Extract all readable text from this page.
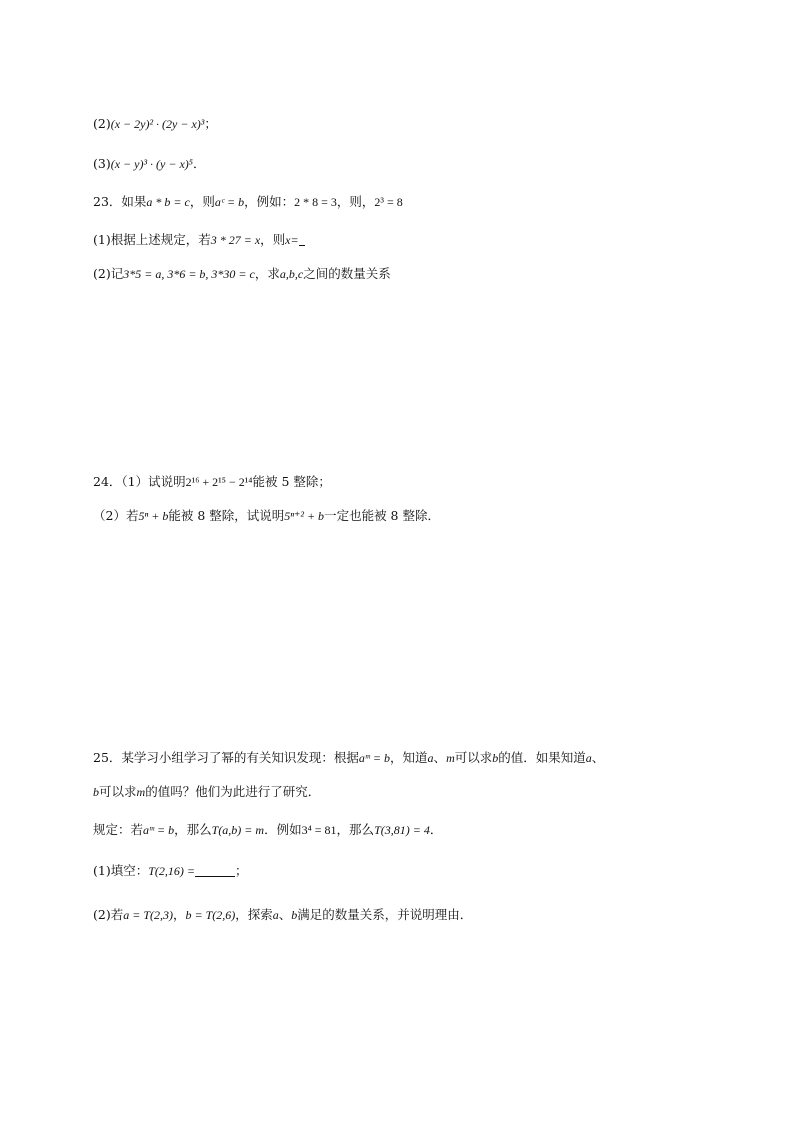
(2)(x − 2y)² · (2y − x)³；
(3)(x − y)³ · (y − x)⁵．
23．如果a * b = c，则aᶜ = b，例如：2 * 8 = 3，则，2³ = 8
(1)根据上述规定，若3 * 27 = x，则x=
(2)记3*5 = a, 3*6 = b, 3*30 = c，求a,b,c之间的数量关系
24．（1）试说明2¹⁶ + 2¹⁵ − 2¹⁴能被 5 整除；
（2）若5ⁿ + b能被 8 整除，试说明5ⁿ⁺² + b一定也能被 8 整除．
25．某学习小组学习了幂的有关知识发现：根据aᵐ = b，知道a、m可以求b的值．如果知道a、
b可以求m的值吗？他们为此进行了研究．
规定：若aᵐ = b，那么T(a,b) = m．例如3⁴ = 81，那么T(3,81) = 4．
(1)填空：T(2,16) =	；
(2)若a = T(2,3)，b = T(2,6)，探索a、b满足的数量关系，并说明理由．
